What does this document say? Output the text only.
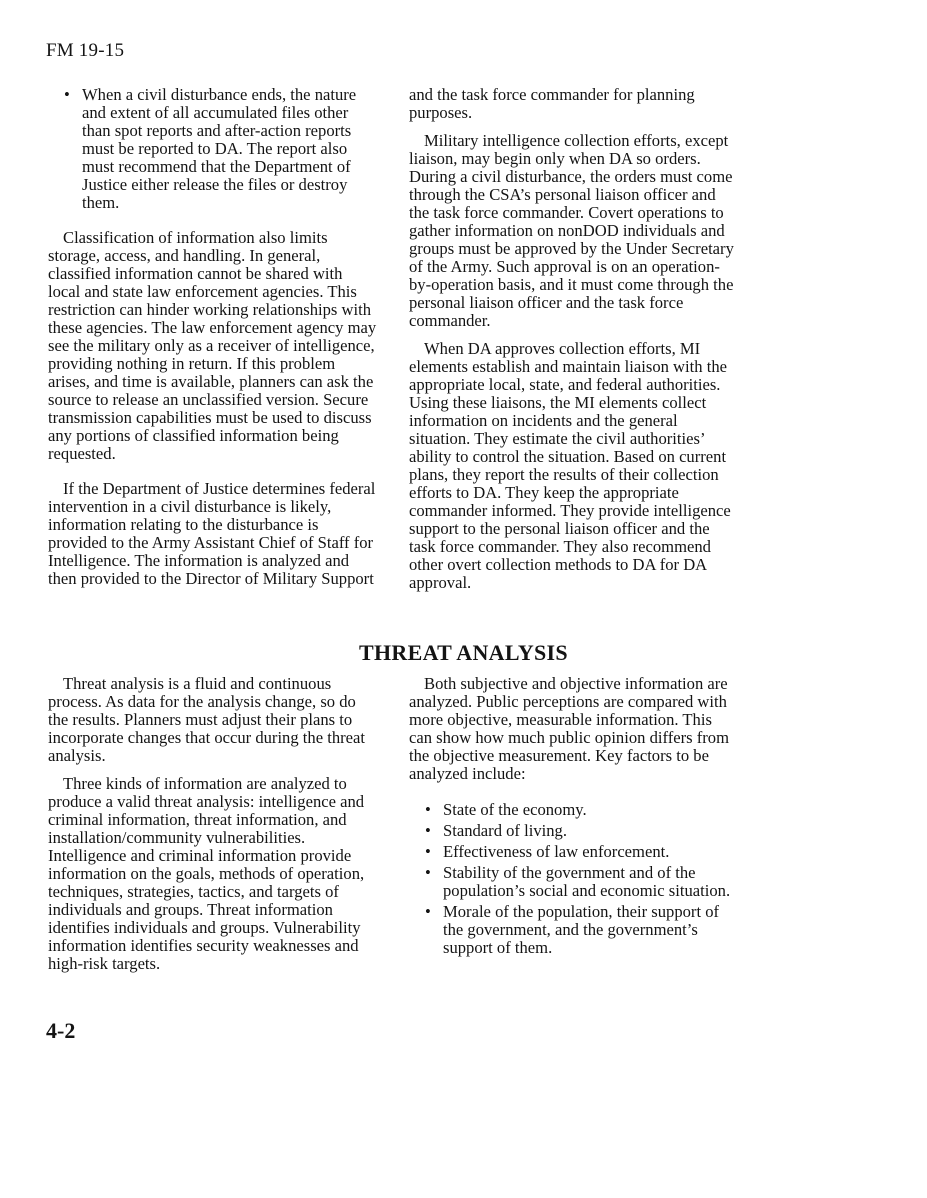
FM 19-15
• When a civil disturbance ends, the nature and extent of all accumulated files other than spot reports and after-action reports must be reported to DA. The report also must recommend that the Department of Justice either release the files or destroy them.

Classification of information also limits storage, access, and handling. In general, classified information cannot be shared with local and state law enforcement agencies. This restriction can hinder working relationships with these agencies. The law enforcement agency may see the military only as a receiver of intelligence, providing nothing in return. If this problem arises, and time is available, planners can ask the source to release an unclassified version. Secure transmission capabilities must be used to discuss any portions of classified information being requested.

If the Department of Justice determines federal intervention in a civil disturbance is likely, information relating to the disturbance is provided to the Army Assistant Chief of Staff for Intelligence. The information is analyzed and then provided to the Director of Military Support

and the task force commander for planning purposes.

Military intelligence collection efforts, except liaison, may begin only when DA so orders. During a civil disturbance, the orders must come through the CSA’s personal liaison officer and the task force commander. Covert operations to gather information on nonDOD individuals and groups must be approved by the Under Secretary of the Army. Such approval is on an operation-by-operation basis, and it must come through the personal liaison officer and the task force commander.

When DA approves collection efforts, MI elements establish and maintain liaison with the appropriate local, state, and federal authorities. Using these liaisons, the MI elements collect information on incidents and the general situation. They estimate the civil authorities’ ability to control the situation. Based on current plans, they report the results of their collection efforts to DA. They keep the appropriate commander informed. They provide intelligence support to the personal liaison officer and the task force commander. They also recommend other overt collection methods to DA for DA approval.

THREAT ANALYSIS

Threat analysis is a fluid and continuous process. As data for the analysis change, so do the results. Planners must adjust their plans to incorporate changes that occur during the threat analysis.

Three kinds of information are analyzed to produce a valid threat analysis: intelligence and criminal information, threat information, and installation/community vulnerabilities. Intelligence and criminal information provide information on the goals, methods of operation, techniques, strategies, tactics, and targets of individuals and groups. Threat information identifies individuals and groups. Vulnerability information identifies security weaknesses and high-risk targets.

Both subjective and objective information are analyzed. Public perceptions are compared with more objective, measurable information. This can show how much public opinion differs from the objective measurement. Key factors to be analyzed include:

• State of the economy.
• Standard of living.
• Effectiveness of law enforcement.
• Stability of the government and of the population’s social and economic situation.
• Morale of the population, their support of the government, and the government’s support of them.
4-2
